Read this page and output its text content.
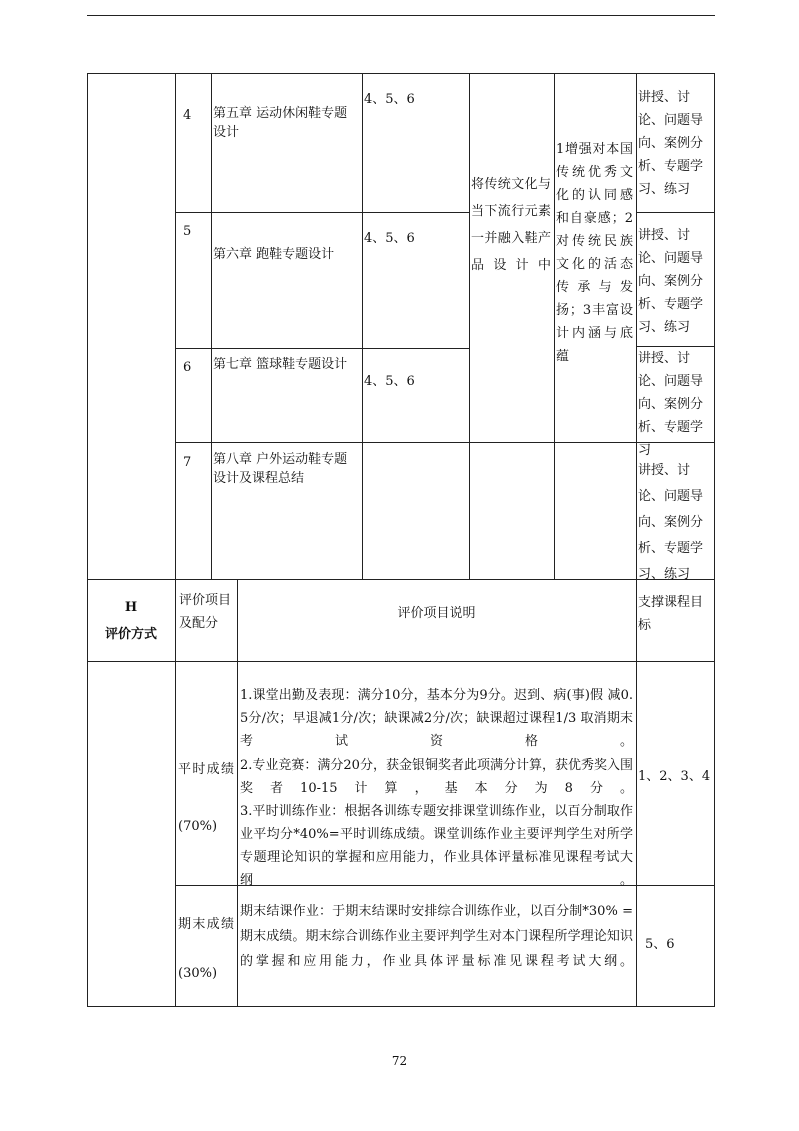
4 第五章 运动休闲鞋专题设计
4、5、6	讲授、讨论、问题导向、案例分析、专题学习、练习
5
第六章 跑鞋专题设计
4、5、6	讲授、讨论、问题导向、案例分析、专题学习、练习
6 第七章 篮球鞋专题设计
4、5、6
讲授、讨论、问题导向、案例分析、专题学习
7 第八章 户外运动鞋专题设计及课程总结
讲授、讨论、问题导向、案例分析、专题学习、练习
将传统文化与当下流行元素一并融入鞋产品设计中
1增强对本国传统优秀文化的认同感和自豪感；2对传统民族文化的活态传承与发扬；3丰富设计内涵与底蕴
H
评价方式
评价项目及配分
评价项目说明
支撑课程目标
平时成绩
(70%)
1.课堂出勤及表现：满分10分，基本分为9分。迟到、病(事)假 减0.5分/次；早退减1分/次；缺课减2分/次；缺课超过课程1/3 取消期末考试资格。
2.专业竞赛：满分20分，获金银铜奖者此项满分计算，获优秀奖入围奖者10-15计算，基本分为8分。
3.平时训练作业：根据各训练专题安排课堂训练作业，以百分制取作业平均分*40%=平时训练成绩。课堂训练作业主要评判学生对所学专题理论知识的掌握和应用能力，作业具体评量标准见课程考试大纲。
1、2、3、4
期末成绩
(30%)
期末结课作业：于期末结课时安排综合训练作业，以百分制*30% =期末成绩。期末综合训练作业主要评判学生对本门课程所学理论知识的掌握和应用能力，作业具体评量标准见课程考试大纲。
5、6
72
